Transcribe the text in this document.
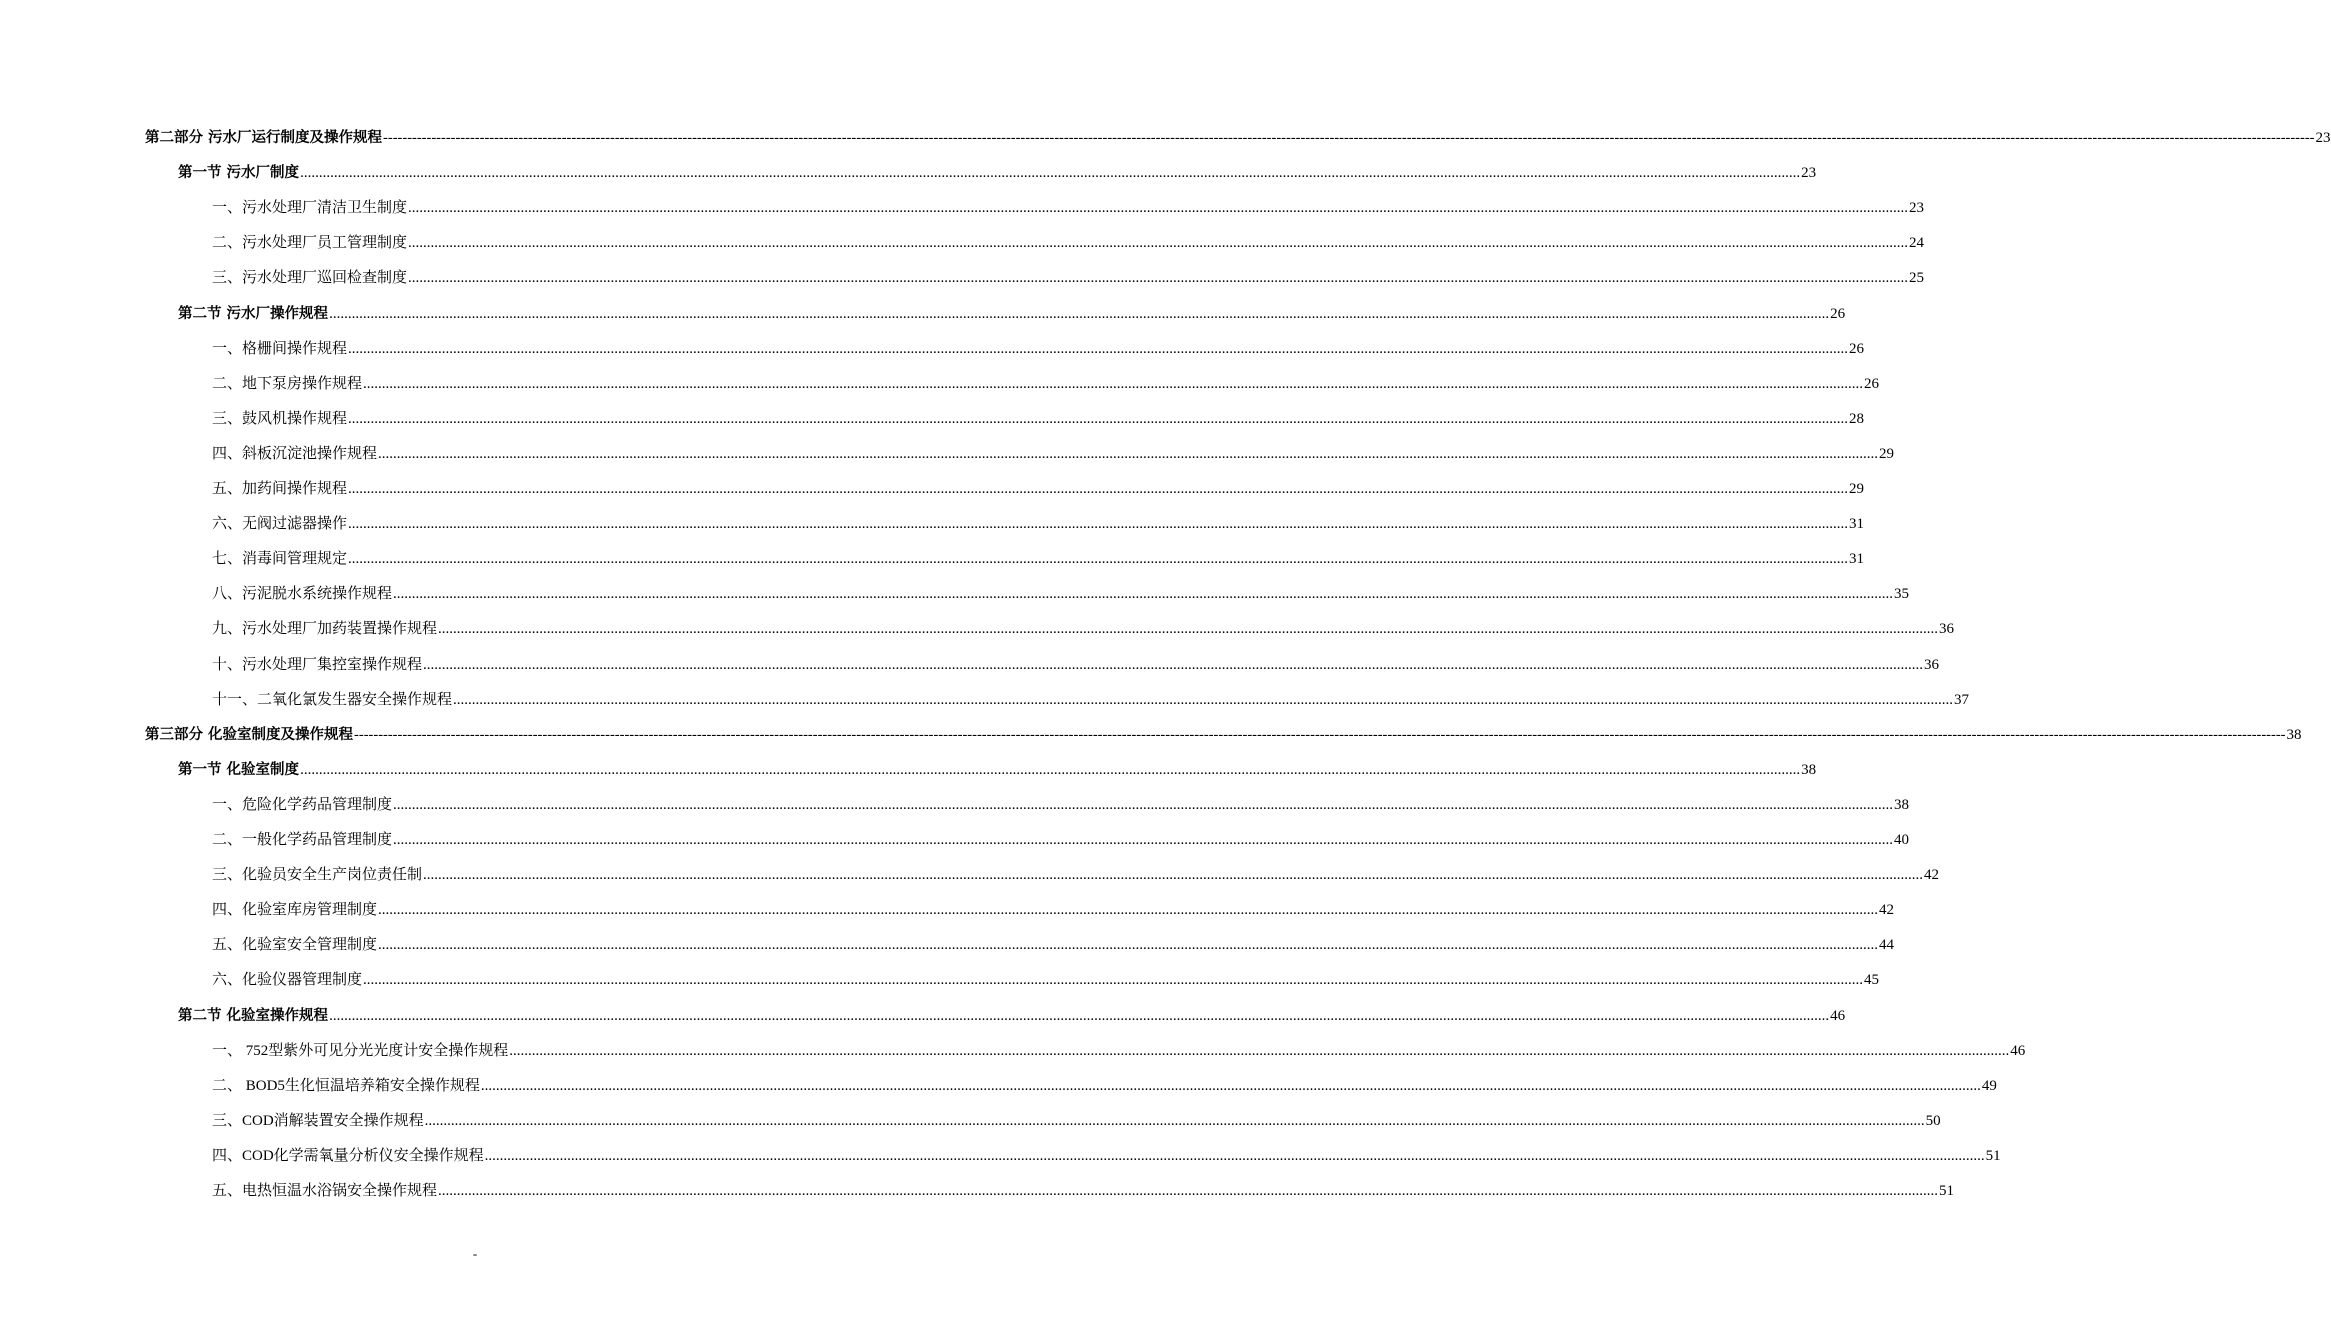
第二部分 污水厂运行制度及操作规程 ---------------------------------------------------------------------------------------------------------------------------------------------------------------------------------------------------------------------------------------------------------------------------------------------------------------------------------------------------------------------------------------------------------------- 23
第一节 污水厂制度 ................................................................................................................................................................................................................................................................................................................................................................................................................ 23
一、污水处理厂清洁卫生制度 ................................................................................................................................................................................................................................................................................................................................................................................................................ 23
二、污水处理厂员工管理制度 ................................................................................................................................................................................................................................................................................................................................................................................................................ 24
三、污水处理厂巡回检查制度 ................................................................................................................................................................................................................................................................................................................................................................................................................ 25
第二节 污水厂操作规程 ................................................................................................................................................................................................................................................................................................................................................................................................................ 26
一、格栅间操作规程 ................................................................................................................................................................................................................................................................................................................................................................................................................ 26
二、地下泵房操作规程 ................................................................................................................................................................................................................................................................................................................................................................................................................ 26
三、鼓风机操作规程 ................................................................................................................................................................................................................................................................................................................................................................................................................ 28
四、斜板沉淀池操作规程 ................................................................................................................................................................................................................................................................................................................................................................................................................ 29
五、加药间操作规程 ................................................................................................................................................................................................................................................................................................................................................................................................................ 29
六、无阀过滤器操作 ................................................................................................................................................................................................................................................................................................................................................................................................................ 31
七、消毒间管理规定 ................................................................................................................................................................................................................................................................................................................................................................................................................ 31
八、污泥脱水系统操作规程 ................................................................................................................................................................................................................................................................................................................................................................................................................ 35
九、污水处理厂加药装置操作规程 ................................................................................................................................................................................................................................................................................................................................................................................................................ 36
十、污水处理厂集控室操作规程 ................................................................................................................................................................................................................................................................................................................................................................................................................ 36
十一、二氧化氯发生器安全操作规程 ................................................................................................................................................................................................................................................................................................................................................................................................................ 37
第三部分 化验室制度及操作规程 ---------------------------------------------------------------------------------------------------------------------------------------------------------------------------------------------------------------------------------------------------------------------------------------------------------------------------------------------------------------------------------------------------------------- 38
第一节 化验室制度 ................................................................................................................................................................................................................................................................................................................................................................................................................ 38
一、危险化学药品管理制度 ................................................................................................................................................................................................................................................................................................................................................................................................................ 38
二、一般化学药品管理制度 ................................................................................................................................................................................................................................................................................................................................................................................................................ 40
三、化验员安全生产岗位责任制 ................................................................................................................................................................................................................................................................................................................................................................................................................ 42
四、化验室库房管理制度 ................................................................................................................................................................................................................................................................................................................................................................................................................ 42
五、化验室安全管理制度 ................................................................................................................................................................................................................................................................................................................................................................................................................ 44
六、化验仪器管理制度 ................................................................................................................................................................................................................................................................................................................................................................................................................ 45
第二节 化验室操作规程 ................................................................................................................................................................................................................................................................................................................................................................................................................ 46
一、 752型紫外可见分光光度计安全操作规程 ................................................................................................................................................................................................................................................................................................................................................................................................................ 46
二、 BOD5生化恒温培养箱安全操作规程 ................................................................................................................................................................................................................................................................................................................................................................................................................ 49
三、COD消解装置安全操作规程 ................................................................................................................................................................................................................................................................................................................................................................................................................ 50
四、COD化学需氧量分析仪安全操作规程 ................................................................................................................................................................................................................................................................................................................................................................................................................ 51
五、电热恒温水浴锅安全操作规程 ................................................................................................................................................................................................................................................................................................................................................................................................................ 51
-
